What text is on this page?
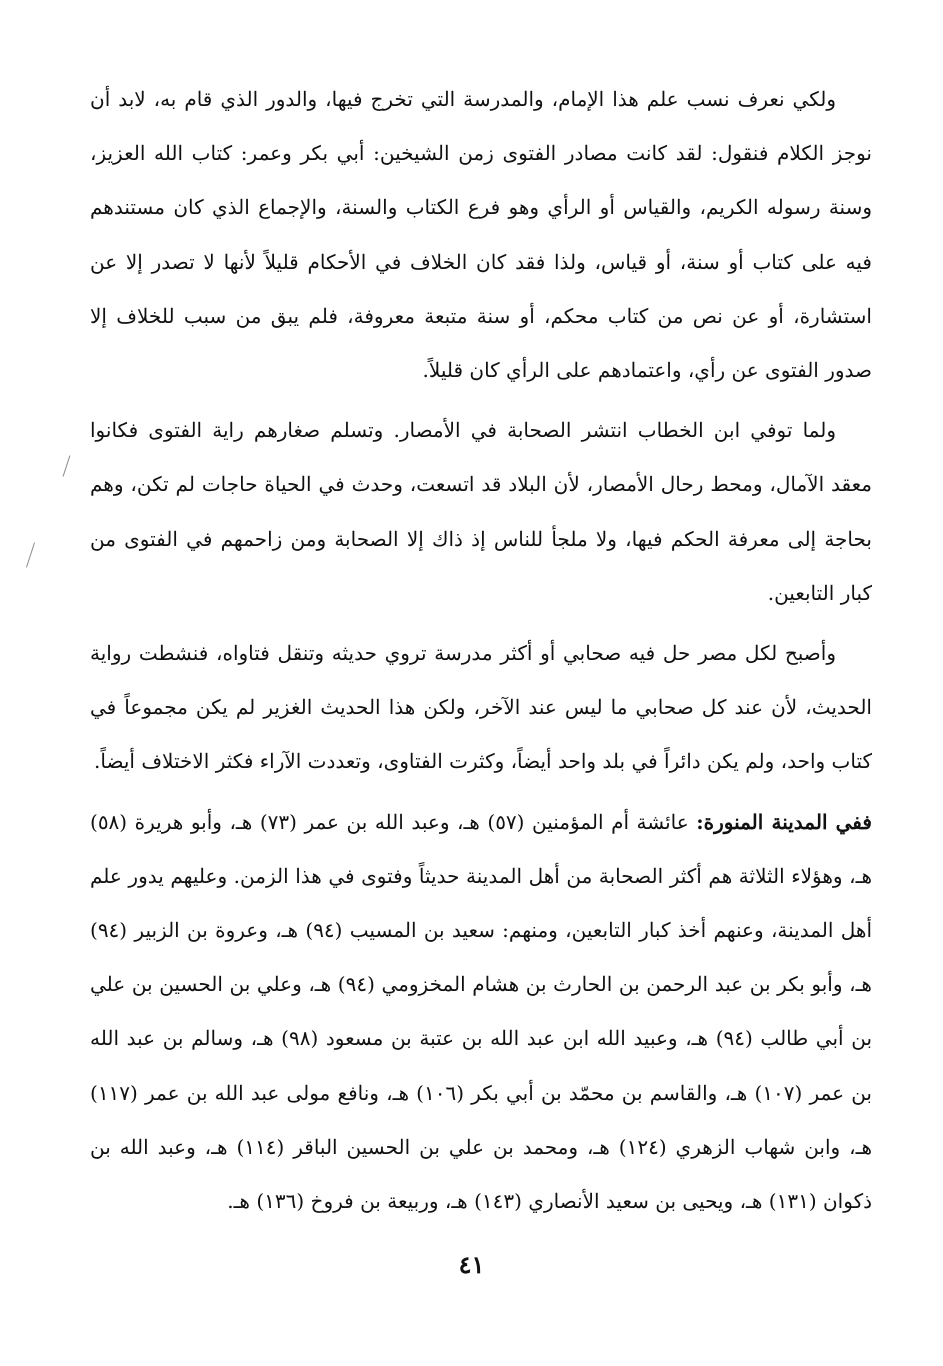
ولكي نعرف نسب علم هذا الإمام، والمدرسة التي تخرج فيها، والدور الذي قام به، لابد أن نوجز الكلام فنقول: لقد كانت مصادر الفتوى زمن الشيخين: أبي بكر وعمر: كتاب الله العزيز، وسنة رسوله الكريم، والقياس أو الرأي وهو فرع الكتاب والسنة، والإجماع الذي كان مستندهم فيه على كتاب أو سنة، أو قياس، ولذا فقد كان الخلاف في الأحكام قليلاً لأنها لا تصدر إلا عن استشارة، أو عن نص من كتاب محكم، أو سنة متبعة معروفة، فلم يبق من سبب للخلاف إلا صدور الفتوى عن رأي، واعتمادهم على الرأي كان قليلاً.

ولما توفي ابن الخطاب انتشر الصحابة في الأمصار. وتسلم صغارهم راية الفتوى فكانوا معقد الآمال، ومحط رحال الأمصار، لأن البلاد قد اتسعت، وحدث في الحياة حاجات لم تكن، وهم بحاجة إلى معرفة الحكم فيها، ولا ملجأ للناس إذ ذاك إلا الصحابة ومن زاحمهم في الفتوى من كبار التابعين.

وأصبح لكل مصر حل فيه صحابي أو أكثر مدرسة تروي حديثه وتنقل فتاواه، فنشطت رواية الحديث، لأن عند كل صحابي ما ليس عند الآخر، ولكن هذا الحديث الغزير لم يكن مجموعاً في كتاب واحد، ولم يكن دائراً في بلد واحد أيضاً، وكثرت الفتاوى، وتعددت الآراء فكثر الاختلاف أيضاً.

ففي المدينة المنورة: عائشة أم المؤمنين (٥٧) هـ، وعبد الله بن عمر (٧٣) هـ، وأبو هريرة (٥٨) هـ، وهؤلاء الثلاثة هم أكثر الصحابة من أهل المدينة حديثاً وفتوى في هذا الزمن. وعليهم يدور علم أهل المدينة، وعنهم أخذ كبار التابعين، ومنهم: سعيد بن المسيب (٩٤) هـ، وعروة بن الزبير (٩٤) هـ، وأبو بكر بن عبد الرحمن بن الحارث بن هشام المخزومي (٩٤) هـ، وعلي بن الحسين بن علي بن أبي طالب (٩٤) هـ، وعبيد الله ابن عبد الله بن عتبة بن مسعود (٩٨) هـ، وسالم بن عبد الله بن عمر (١٠٧) هـ، والقاسم بن محمّد بن أبي بكر (١٠٦) هـ، ونافع مولى عبد الله بن عمر (١١٧) هـ، وابن شهاب الزهري (١٢٤) هـ، ومحمد بن علي بن الحسين الباقر (١١٤) هـ، وعبد الله بن ذكوان (١٣١) هـ، ويحيى بن سعيد الأنصاري (١٤٣) هـ، وربيعة بن فروخ (١٣٦) هـ.

٤١
